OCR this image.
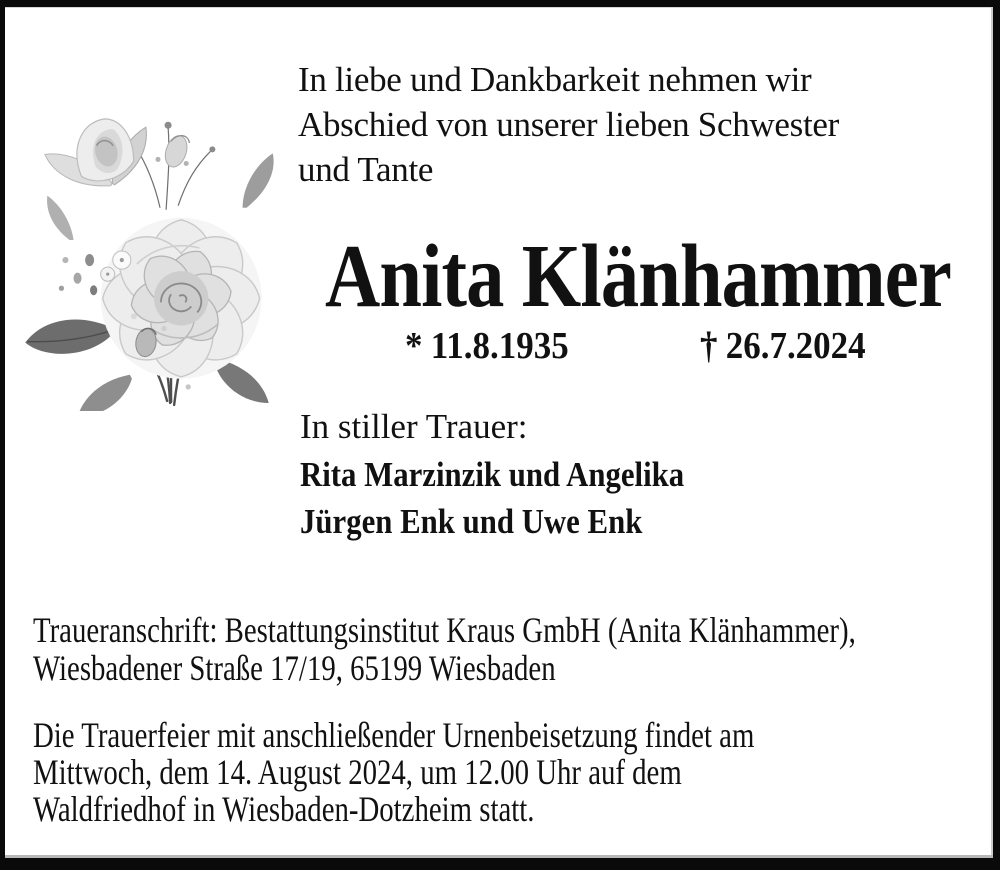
In liebe und Dankbarkeit nehmen wir
Abschied von unserer lieben Schwester
und Tante
Anita Klänhammer
* 11.8.1935	† 26.7.2024
In stiller Trauer:
Rita Marzinzik und Angelika
Jürgen Enk und Uwe Enk
Traueranschrift: Bestattungsinstitut Kraus GmbH (Anita Klänhammer),
Wiesbadener Straße 17/19, 65199 Wiesbaden
Die Trauerfeier mit anschließender Urnenbeisetzung findet am
Mittwoch, dem 14. August 2024, um 12.00 Uhr auf dem
Waldfriedhof in Wiesbaden-Dotzheim statt.
